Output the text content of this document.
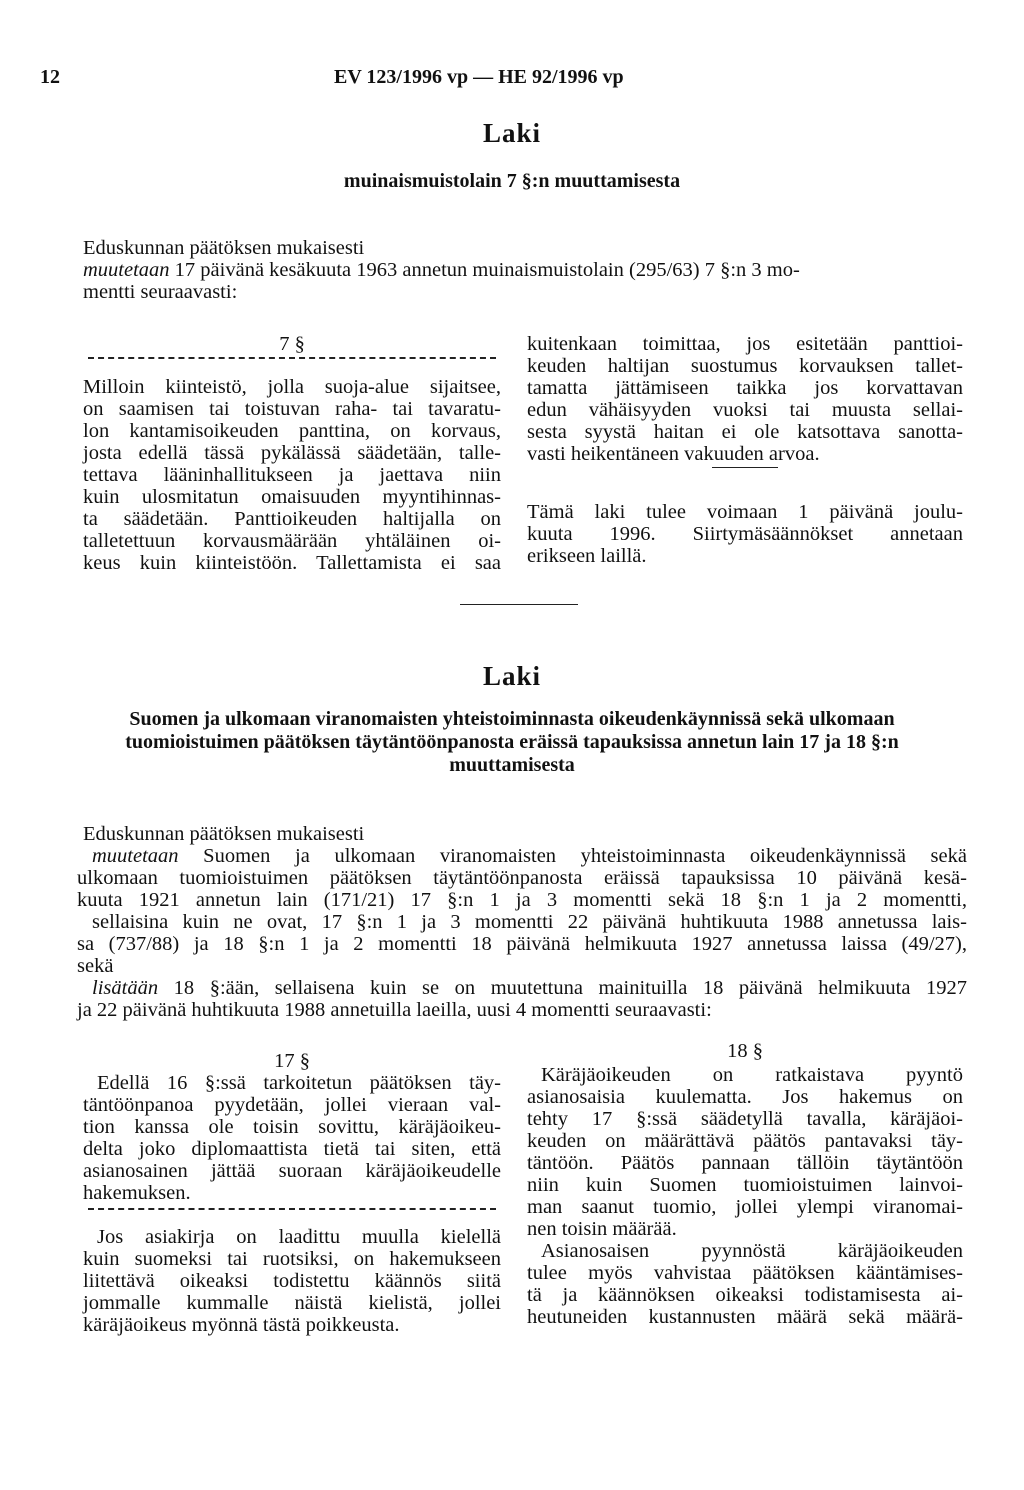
12	EV 123/1996 vp — HE 92/1996 vp
Laki
muinaismuistolain 7 §:n muuttamisesta

Eduskunnan päätöksen mukaisesti

muutetaan 17 päivänä kesäkuuta 1963 annetun muinaismuistolain (295/63) 7 §:n 3 mo-

mentti seuraavasti:

7 §

Milloin kiinteistö, jolla suoja-alue sijaitsee,

on saamisen tai toistuvan raha- tai tavaratu-

lon kantamisoikeuden panttina, on korvaus,

josta edellä tässä pykälässä säädetään, talle-

tettava lääninhallitukseen ja jaettava niin

kuin ulosmitatun omaisuuden myyntihinnas-

ta säädetään. Panttioikeuden haltijalla on

talletettuun korvausmäärään yhtäläinen oi-

keus kuin kiinteistöön. Tallettamista ei saa

kuitenkaan toimittaa, jos esitetään panttioi-

keuden haltijan suostumus korvauksen tallet-

tamatta jättämiseen taikka jos korvattavan

edun vähäisyyden vuoksi tai muusta sellai-

sesta syystä haitan ei ole katsottava sanotta-

vasti heikentäneen vakuuden arvoa.

Tämä laki tulee voimaan 1 päivänä joulu-

kuuta 1996. Siirtymäsäännökset annetaan

erikseen laillä.

Laki

Suomen ja ulkomaan viranomaisten yhteistoiminnasta oikeudenkäynnissä sekä ulkomaan

tuomioistuimen päätöksen täytäntöönpanosta eräissä tapauksissa annetun lain 17 ja 18 §:n

muuttamisesta

Eduskunnan päätöksen mukaisesti

muutetaan Suomen ja ulkomaan viranomaisten yhteistoiminnasta oikeudenkäynnissä sekä

ulkomaan tuomioistuimen päätöksen täytäntöönpanosta eräissä tapauksissa 10 päivänä kesä-

kuuta 1921 annetun lain (171/21) 17 §:n 1 ja 3 momentti sekä 18 §:n 1 ja 2 momentti,

sellaisina kuin ne ovat, 17 §:n 1 ja 3 momentti 22 päivänä huhtikuuta 1988 annetussa lais-

sa (737/88) ja 18 §:n 1 ja 2 momentti 18 päivänä helmikuuta 1927 annetussa laissa (49/27),

sekä

lisätään 18 §:ään, sellaisena kuin se on muutettuna mainituilla 18 päivänä helmikuuta 1927

ja 22 päivänä huhtikuuta 1988 annetuilla laeilla, uusi 4 momentti seuraavasti:

17 §

Edellä 16 §:ssä tarkoitetun päätöksen täy-

täntöönpanoa pyydetään, jollei vieraan val-

tion kanssa ole toisin sovittu, käräjäoikeu-

delta joko diplomaattista tietä tai siten, että

asianosainen jättää suoraan käräjäoikeudelle

hakemuksen.

Jos asiakirja on laadittu muulla kielellä

kuin suomeksi tai ruotsiksi, on hakemukseen

liitettävä oikeaksi todistettu käännös siitä

jommalle kummalle näistä kielistä, jollei

käräjäoikeus myönnä tästä poikkeusta.

18 §

Käräjäoikeuden on ratkaistava pyyntö

asianosaisia kuulematta. Jos hakemus on

tehty 17 §:ssä säädetyllä tavalla, käräjäoi-

keuden on määrättävä päätös pantavaksi täy-

täntöön. Päätös pannaan tällöin täytäntöön

niin kuin Suomen tuomioistuimen lainvoi-

man saanut tuomio, jollei ylempi viranomai-

nen toisin määrää.

Asianosaisen pyynnöstä käräjäoikeuden

tulee myös vahvistaa päätöksen kääntämises-

tä ja käännöksen oikeaksi todistamisesta ai-

heutuneiden kustannusten määrä sekä määrä-
